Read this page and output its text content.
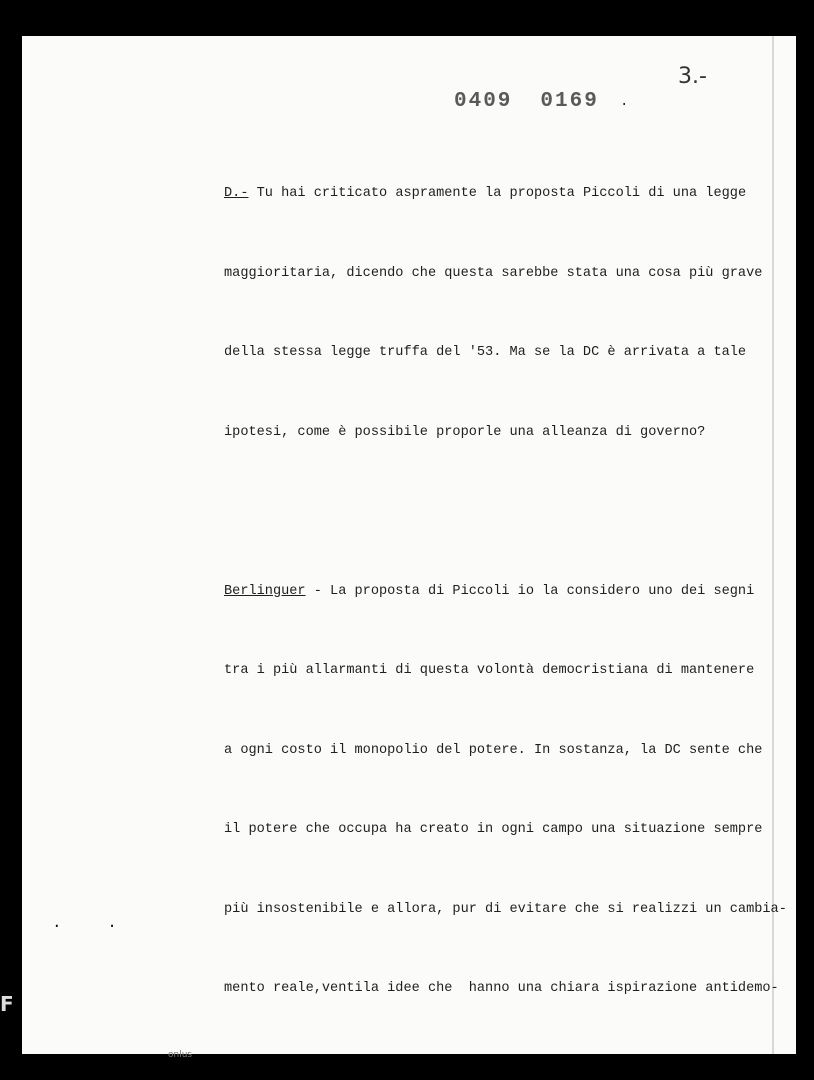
0409 0169	.
3.-

D.- Tu hai criticato aspramente la proposta Piccoli di una legge

maggioritaria, dicendo che questa sarebbe stata una cosa più grave

della stessa legge truffa del '53. Ma se la DC è arrivata a tale

ipotesi, come è possibile proporle una alleanza di governo?

Berlinguer - La proposta di Piccoli io la considero uno dei segni

tra i più allarmanti di questa volontà democristiana di mantenere

a ogni costo il monopolio del potere. In sostanza, la DC sente che

il potere che occupa ha creato in ogni campo una situazione sempre

più insostenibile e allora, pur di evitare che si realizzi un cambia-

mento reale,ventila idee che  hanno una chiara ispirazione antidemo-

· ·
F
onlus
